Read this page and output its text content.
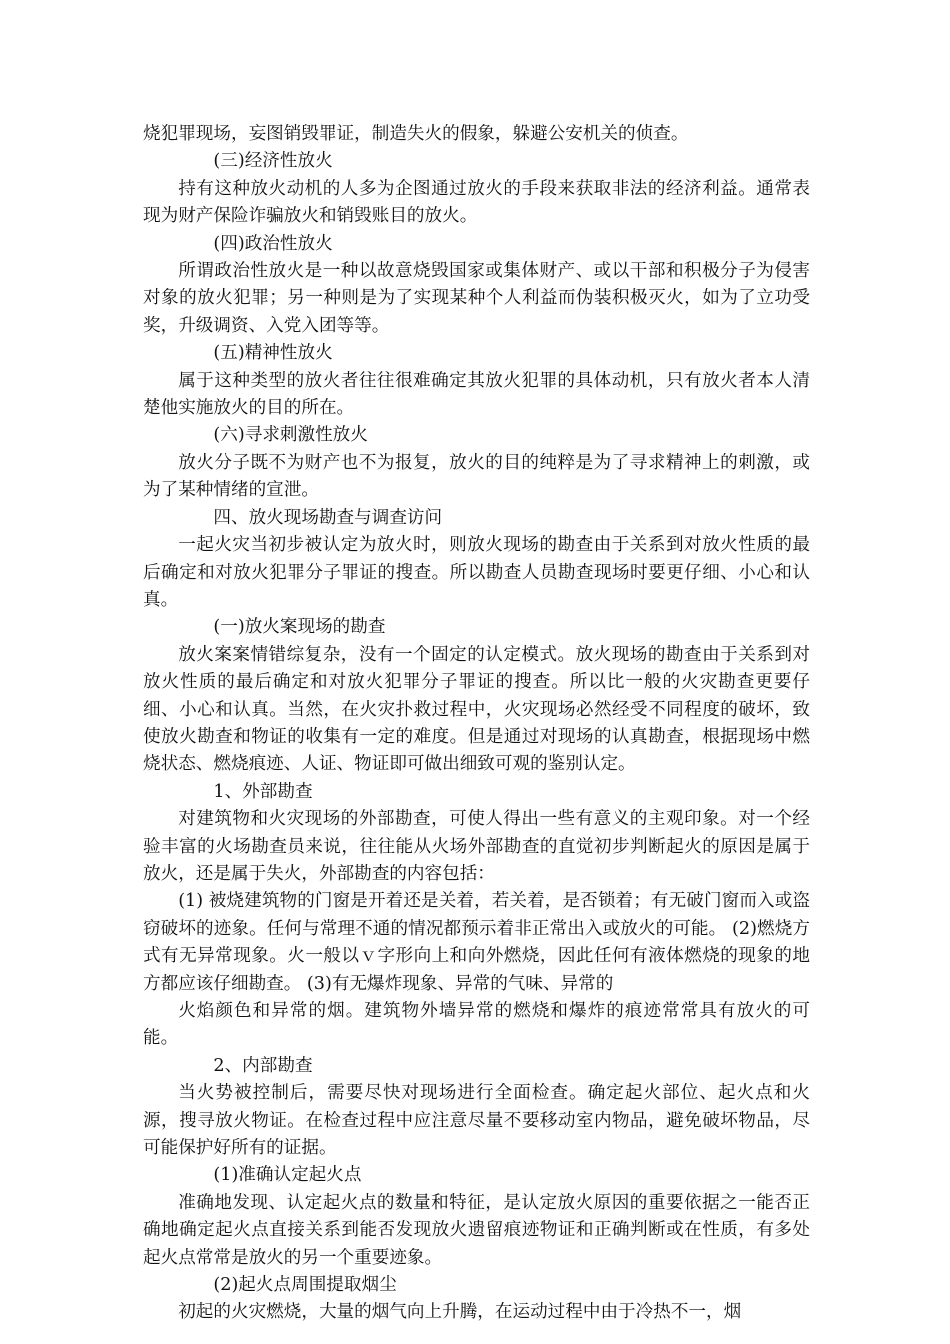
烧犯罪现场，妄图销毁罪证，制造失火的假象，躲避公安机关的侦查。

(三)经济性放火

持有这种放火动机的人多为企图通过放火的手段来获取非法的经济利益。通常表现为财产保险诈骗放火和销毁账目的放火。

(四)政治性放火

所谓政治性放火是一种以故意烧毁国家或集体财产、或以干部和积极分子为侵害对象的放火犯罪；另一种则是为了实现某种个人利益而伪装积极灭火，如为了立功受奖，升级调资、入党入团等等。

(五)精神性放火

属于这种类型的放火者往往很难确定其放火犯罪的具体动机，只有放火者本人清楚他实施放火的目的所在。

(六)寻求刺激性放火

放火分子既不为财产也不为报复，放火的目的纯粹是为了寻求精神上的刺激，或为了某种情绪的宣泄。

四、放火现场勘查与调查访问

一起火灾当初步被认定为放火时，则放火现场的勘查由于关系到对放火性质的最后确定和对放火犯罪分子罪证的搜查。所以勘查人员勘查现场时要更仔细、小心和认真。

(一)放火案现场的勘查

放火案案情错综复杂，没有一个固定的认定模式。放火现场的勘查由于关系到对放火性质的最后确定和对放火犯罪分子罪证的搜查。所以比一般的火灾勘查更要仔细、小心和认真。当然，在火灾扑救过程中，火灾现场必然经受不同程度的破坏，致使放火勘查和物证的收集有一定的难度。但是通过对现场的认真勘查，根据现场中燃烧状态、燃烧痕迹、人证、物证即可做出细致可观的鉴别认定。

1、外部勘查

对建筑物和火灾现场的外部勘查，可使人得出一些有意义的主观印象。对一个经验丰富的火场勘查员来说，往往能从火场外部勘查的直觉初步判断起火的原因是属于放火，还是属于失火，外部勘查的内容包括：

(1) 被烧建筑物的门窗是开着还是关着，若关着，是否锁着；有无破门窗而入或盗窃破坏的迹象。任何与常理不通的情况都预示着非正常出入或放火的可能。 (2)燃烧方式有无异常现象。火一般以ｖ字形向上和向外燃烧，因此任何有液体燃烧的现象的地方都应该仔细勘查。 (3)有无爆炸现象、异常的气味、异常的

火焰颜色和异常的烟。建筑物外墙异常的燃烧和爆炸的痕迹常常具有放火的可能。

2、内部勘查

当火势被控制后，需要尽快对现场进行全面检查。确定起火部位、起火点和火源，搜寻放火物证。在检查过程中应注意尽量不要移动室内物品，避免破坏物品，尽可能保护好所有的证据。

(1)准确认定起火点

准确地发现、认定起火点的数量和特征，是认定放火原因的重要依据之一能否正确地确定起火点直接关系到能否发现放火遗留痕迹物证和正确判断或在性质，有多处起火点常常是放火的另一个重要迹象。

(2)起火点周围提取烟尘

初起的火灾燃烧，大量的烟气向上升腾，在运动过程中由于冷热不一，烟
